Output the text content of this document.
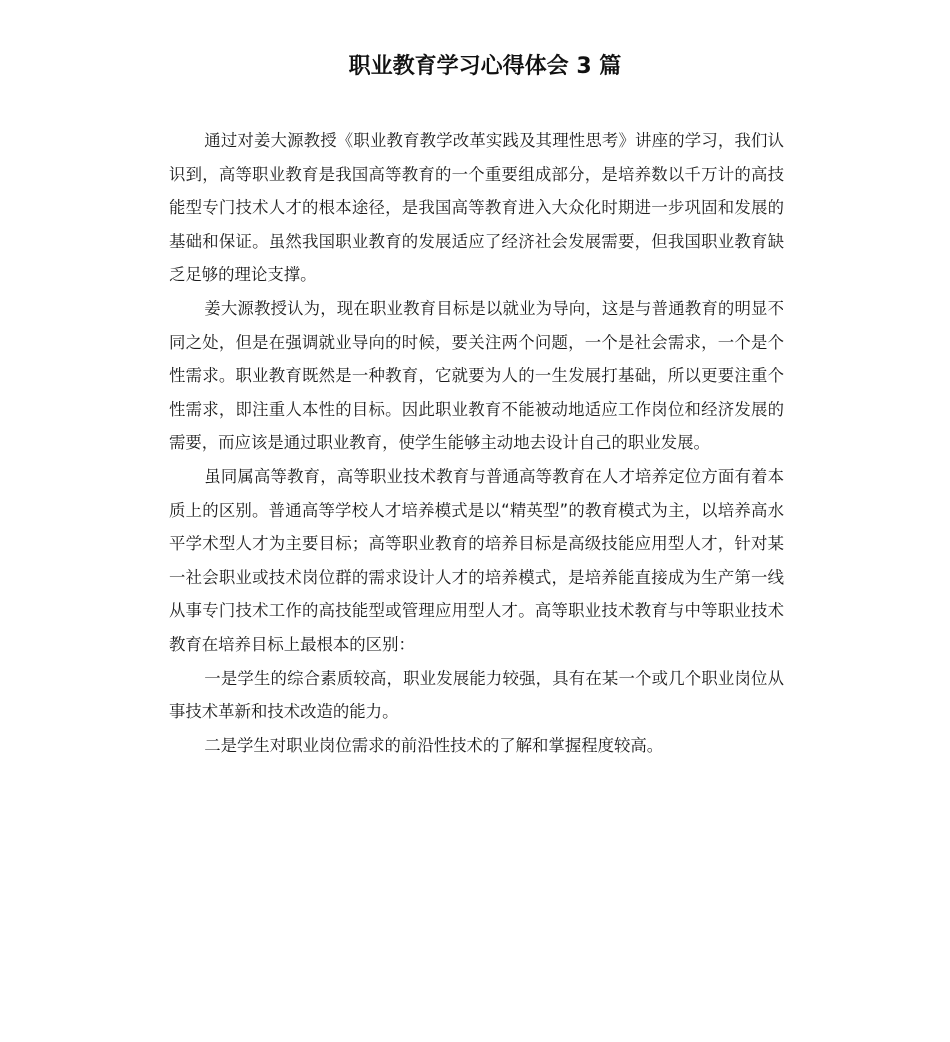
职业教育学习心得体会 3 篇

通过对姜大源教授《职业教育教学改革实践及其理性思考》讲座的学习，我们认识到，高等职业教育是我国高等教育的一个重要组成部分，是培养数以千万计的高技能型专门技术人才的根本途径，是我国高等教育进入大众化时期进一步巩固和发展的基础和保证。虽然我国职业教育的发展适应了经济社会发展需要，但我国职业教育缺乏足够的理论支撑。

姜大源教授认为，现在职业教育目标是以就业为导向，这是与普通教育的明显不同之处，但是在强调就业导向的时候，要关注两个问题，一个是社会需求，一个是个性需求。职业教育既然是一种教育，它就要为人的一生发展打基础，所以更要注重个性需求，即注重人本性的目标。因此职业教育不能被动地适应工作岗位和经济发展的需要，而应该是通过职业教育，使学生能够主动地去设计自己的职业发展。

虽同属高等教育，高等职业技术教育与普通高等教育在人才培养定位方面有着本质上的区别。普通高等学校人才培养模式是以“精英型”的教育模式为主，以培养高水平学术型人才为主要目标；高等职业教育的培养目标是高级技能应用型人才，针对某一社会职业或技术岗位群的需求设计人才的培养模式，是培养能直接成为生产第一线从事专门技术工作的高技能型或管理应用型人才。高等职业技术教育与中等职业技术教育在培养目标上最根本的区别：

一是学生的综合素质较高，职业发展能力较强，具有在某一个或几个职业岗位从事技术革新和技术改造的能力。

二是学生对职业岗位需求的前沿性技术的了解和掌握程度较高。
